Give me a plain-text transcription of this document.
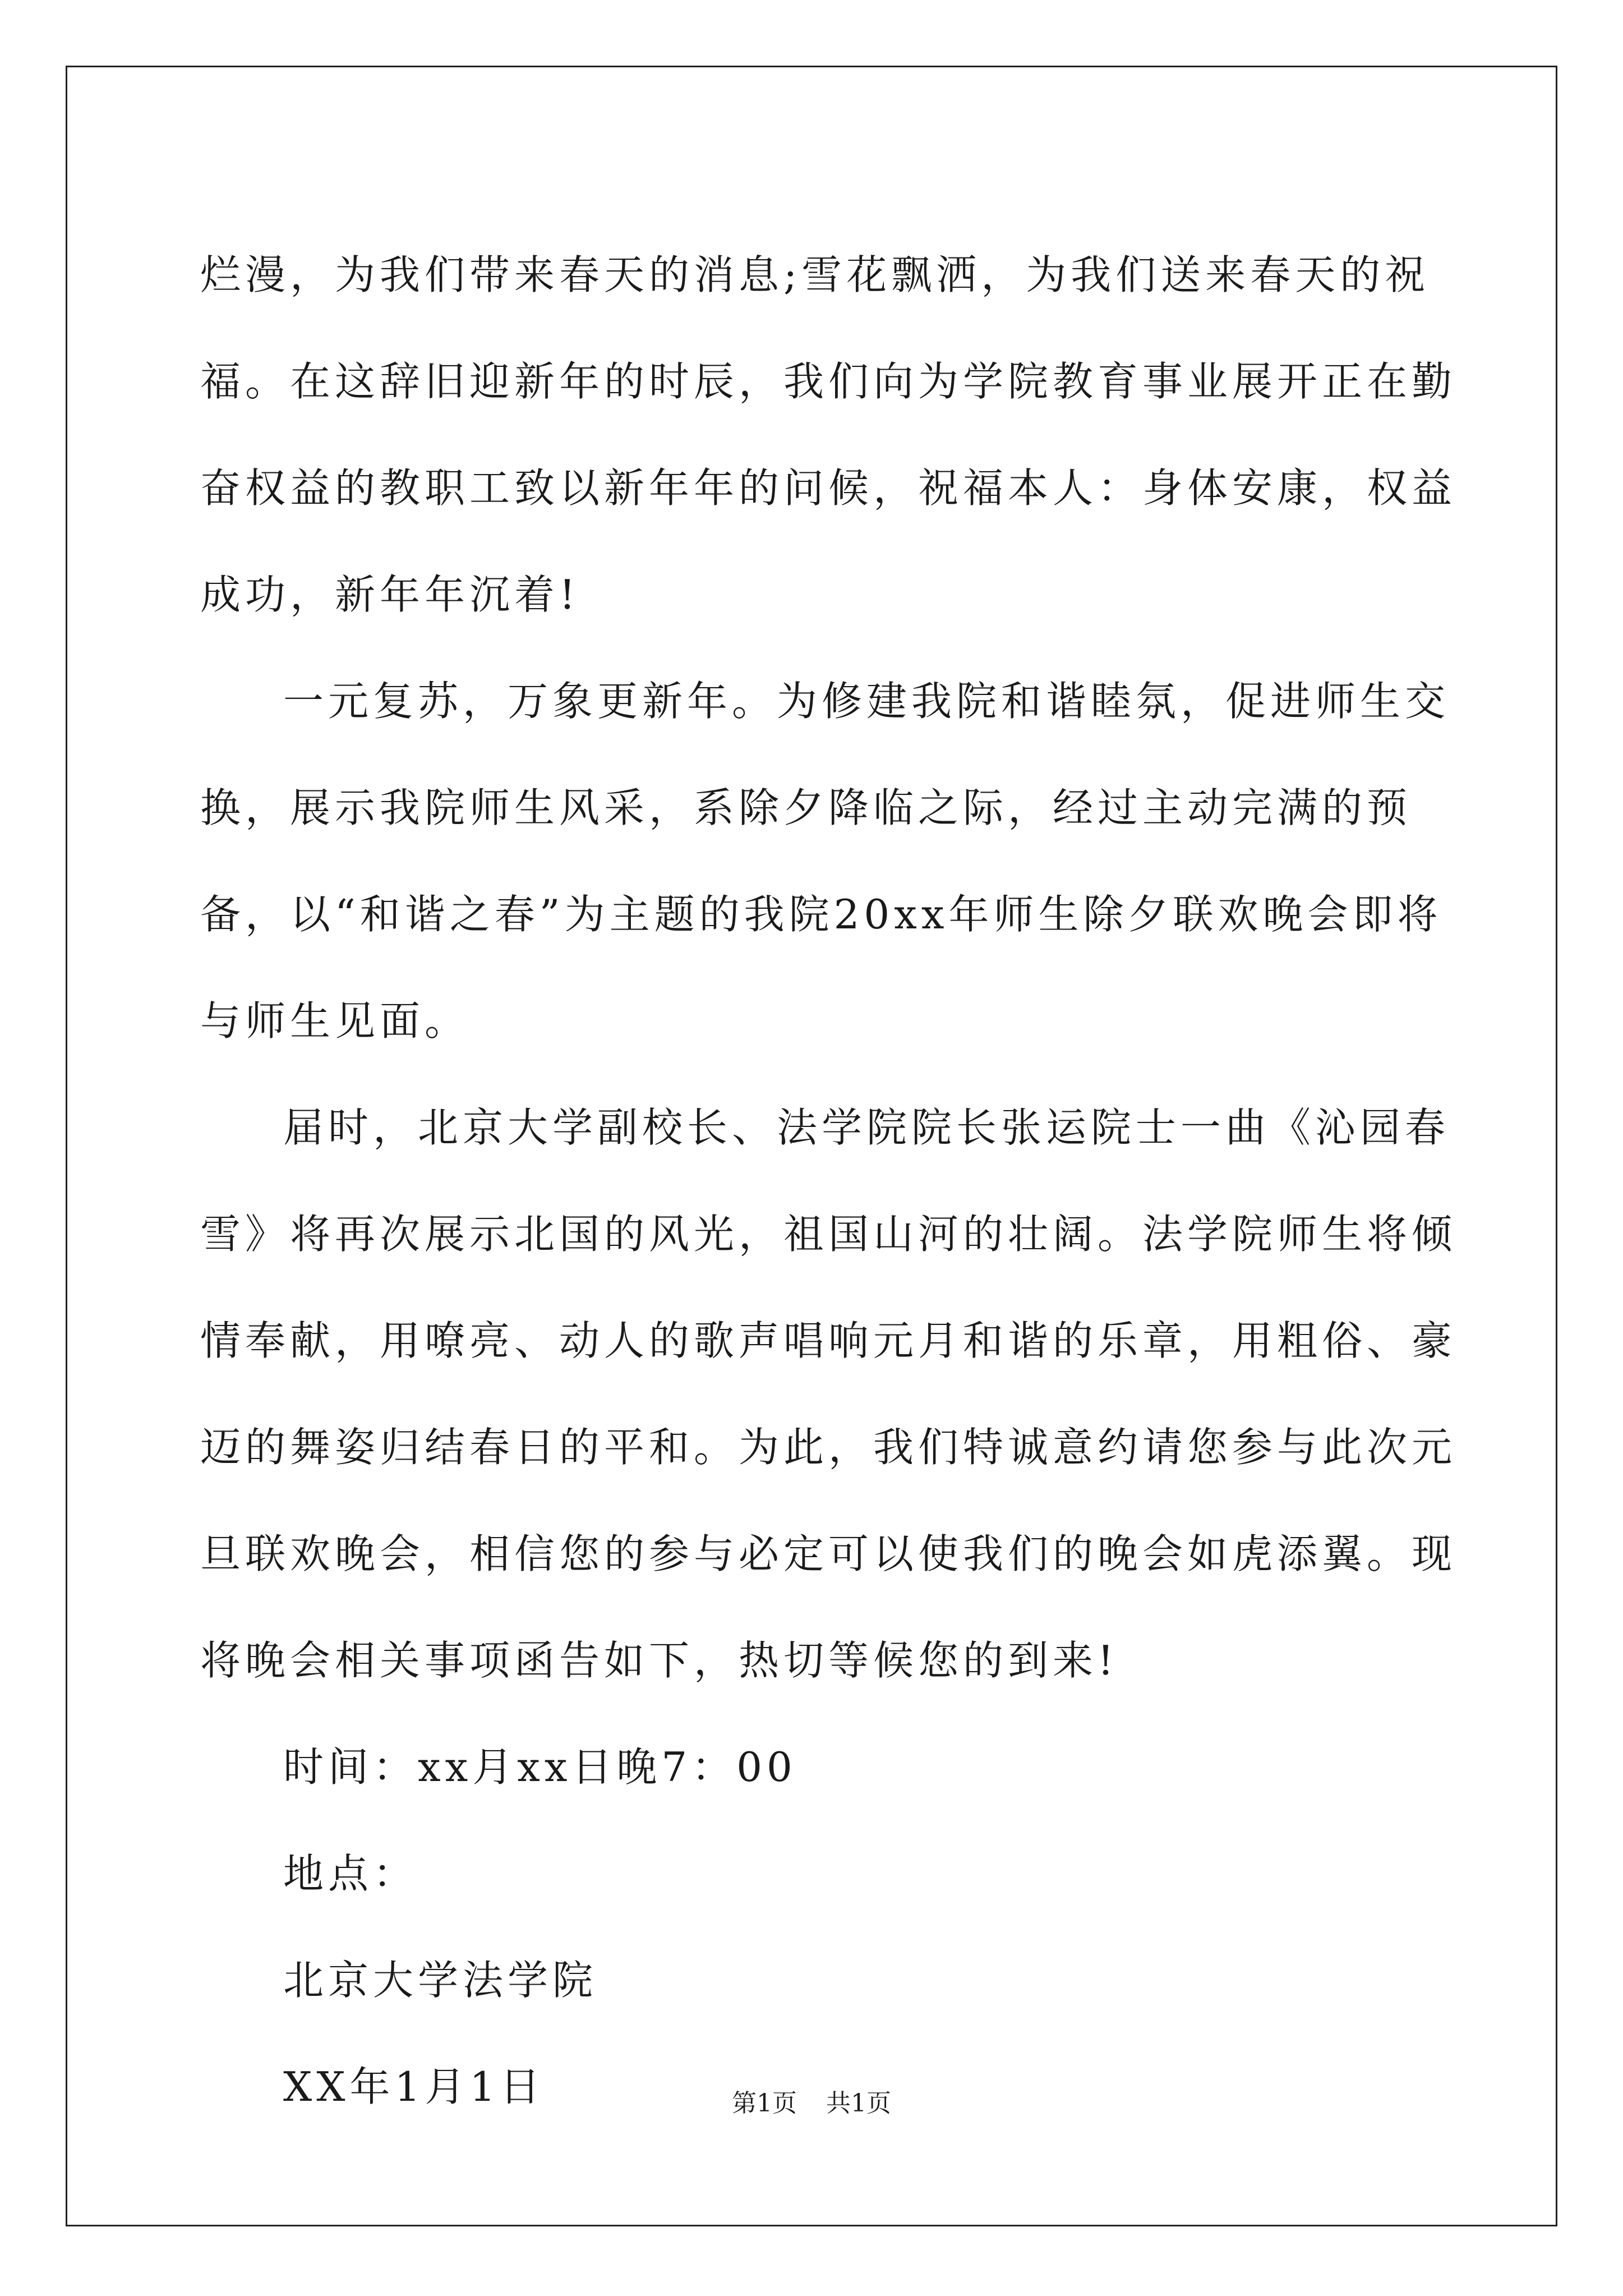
烂漫，为我们带来春天的消息;雪花飘洒，为我们送来春天的祝福。在这辞旧迎新年的时辰，我们向为学院教育事业展开正在勤奋权益的教职工致以新年年的问候，祝福本人：身体安康，权益成功，新年年沉着!

一元复苏，万象更新年。为修建我院和谐睦氛，促进师生交换，展示我院师生风采，系除夕降临之际，经过主动完满的预备，以“和谐之春”为主题的我院20xx年师生除夕联欢晚会即将与师生见面。

届时，北京大学副校长、法学院院长张运院士一曲《沁园春 雪》将再次展示北国的风光，祖国山河的壮阔。法学院师生将倾情奉献，用嘹亮、动人的歌声唱响元月和谐的乐章，用粗俗、豪迈的舞姿归结春日的平和。为此，我们特诚意约请您参与此次元旦联欢晚会，相信您的参与必定可以使我们的晚会如虎添翼。现将晚会相关事项函告如下，热切等候您的到来!

时间：xx月xx日晚7：00

地点：

北京大学法学院

XX年1月1日	第1页 共1页
